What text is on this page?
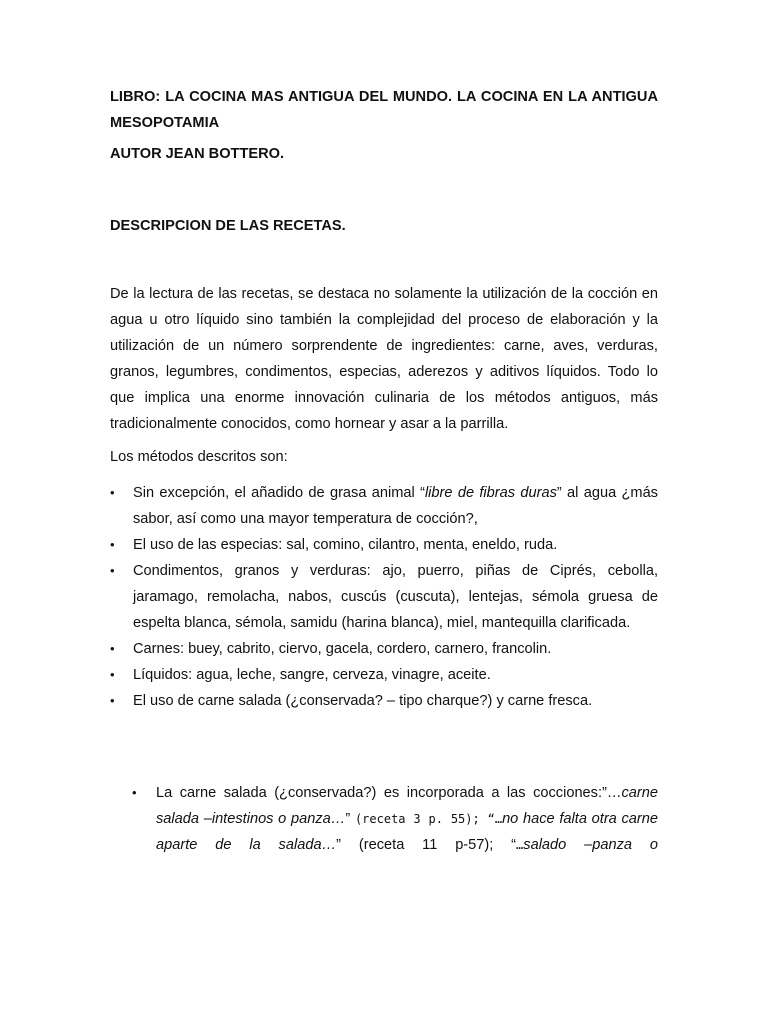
LIBRO: LA COCINA MAS ANTIGUA DEL MUNDO. LA COCINA EN LA ANTIGUA MESOPOTAMIA

AUTOR JEAN BOTTERO.

DESCRIPCION DE LAS RECETAS.

De la lectura de las recetas, se destaca no solamente la utilización de la cocción en agua u otro líquido sino también la complejidad del proceso de elaboración y la utilización de un número sorprendente de ingredientes: carne, aves, verduras, granos, legumbres, condimentos, especias, aderezos y aditivos líquidos. Todo lo que implica una enorme innovación culinaria de los métodos antiguos, más tradicionalmente conocidos, como hornear y asar a la parrilla.

Los métodos descritos son:

• Sin excepción, el añadido de grasa animal “libre de fibras duras” al agua ¿más sabor, así como una mayor temperatura de cocción?,
• El uso de las especias: sal, comino, cilantro, menta, eneldo, ruda.
• Condimentos, granos y verduras: ajo, puerro, piñas de Ciprés, cebolla, jaramago, remolacha, nabos, cuscús (cuscuta), lentejas, sémola gruesa de espelta blanca, sémola, samidu (harina blanca), miel, mantequilla clarificada.
• Carnes: buey, cabrito, ciervo, gacela, cordero, carnero, francolin.
• Líquidos: agua, leche, sangre, cerveza, vinagre, aceite.
• El uso de carne salada (¿conservada? – tipo charque?) y carne fresca.
• La carne salada (¿conservada?) es incorporada a las cocciones:”…carne salada –intestinos o panza…” (receta 3 p. 55); “…no hace falta otra carne aparte de la salada…” (receta 11 p-57); “…salado –panza o
